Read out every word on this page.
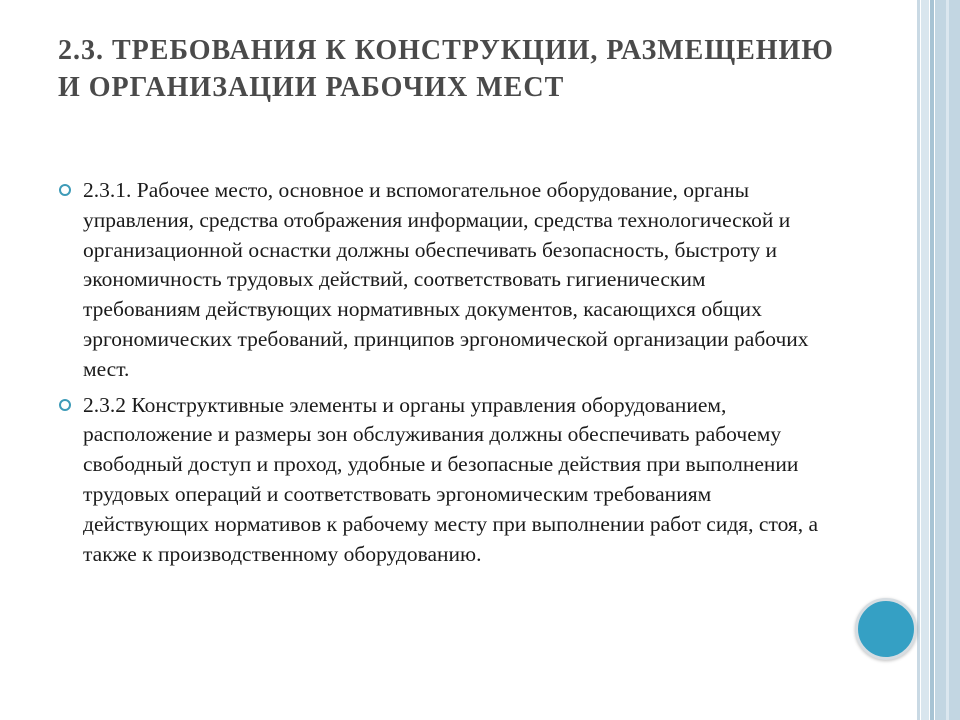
2.3. ТРЕБОВАНИЯ К КОНСТРУКЦИИ, РАЗМЕЩЕНИЮ И ОРГАНИЗАЦИИ РАБОЧИХ МЕСТ
2.3.1. Рабочее место, основное и вспомогательное оборудование, органы управления, средства отображения информации, средства технологической и организационной оснастки должны обеспечивать безопасность, быстроту и экономичность трудовых действий, соответствовать гигиеническим требованиям действующих нормативных документов, касающихся общих эргономических требований, принципов эргономической организации рабочих мест.
2.3.2 Конструктивные элементы и органы управления оборудованием, расположение и размеры зон обслуживания должны обеспечивать рабочему свободный доступ и проход, удобные и безопасные действия при выполнении трудовых операций и соответствовать эргономическим требованиям действующих нормативов к рабочему месту при выполнении работ сидя, стоя, а также к производственному оборудованию.
